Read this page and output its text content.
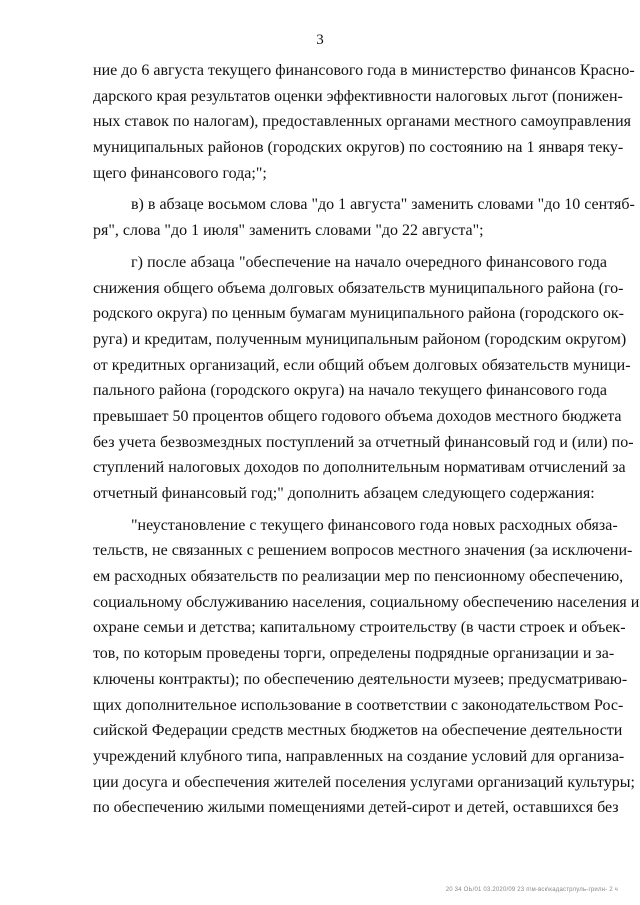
3
ние до 6 августа текущего финансового года в министерство финансов Красно-
дарского края результатов оценки эффективности налоговых льгот (понижен-
ных ставок по налогам), предоставленных органами местного самоуправления
муниципальных районов (городских округов) по состоянию на 1 января теку-
щего финансового года;";
в) в абзаце восьмом слова "до 1 августа" заменить словами "до 10 сентяб-
ря", слова "до 1 июля" заменить словами "до 22 августа";
г) после абзаца "обеспечение на начало очередного финансового года
снижения общего объема долговых обязательств муниципального района (го-
родского округа) по ценным бумагам муниципального района (городского ок-
руга) и кредитам, полученным муниципальным районом (городским округом)
от кредитных организаций, если общий объем долговых обязательств муници-
пального района (городского округа) на начало текущего финансового года
превышает 50 процентов общего годового объема доходов местного бюджета
без учета безвозмездных поступлений за отчетный финансовый год и (или) по-
ступлений налоговых доходов по дополнительным нормативам отчислений за
отчетный финансовый год;" дополнить абзацем следующего содержания:
"неустановление с текущего финансового года новых расходных обяза-
тельств, не связанных с решением вопросов местного значения (за исключени-
ем расходных обязательств по реализации мер по пенсионному обеспечению,
социальному обслуживанию населения, социальному обеспечению населения и
охране семьи и детства; капитальному строительству (в части строек и объек-
тов, по которым проведены торги, определены подрядные организации и за-
ключены контракты); по обеспечению деятельности музеев; предусматриваю-
щих дополнительное использование в соответствии с законодательством Рос-
сийской Федерации средств местных бюджетов на обеспечение деятельности
учреждений клубного типа, направленных на создание условий для организа-
ции досуга и обеспечения жителей поселения услугами организаций культуры;
по обеспечению жилыми помещениями детей-сирот и детей, оставшихся без
20 34 ОЬ/01 03.2020/09 23 п\м-вск\кадастрлуль-грилн- 2 ч
